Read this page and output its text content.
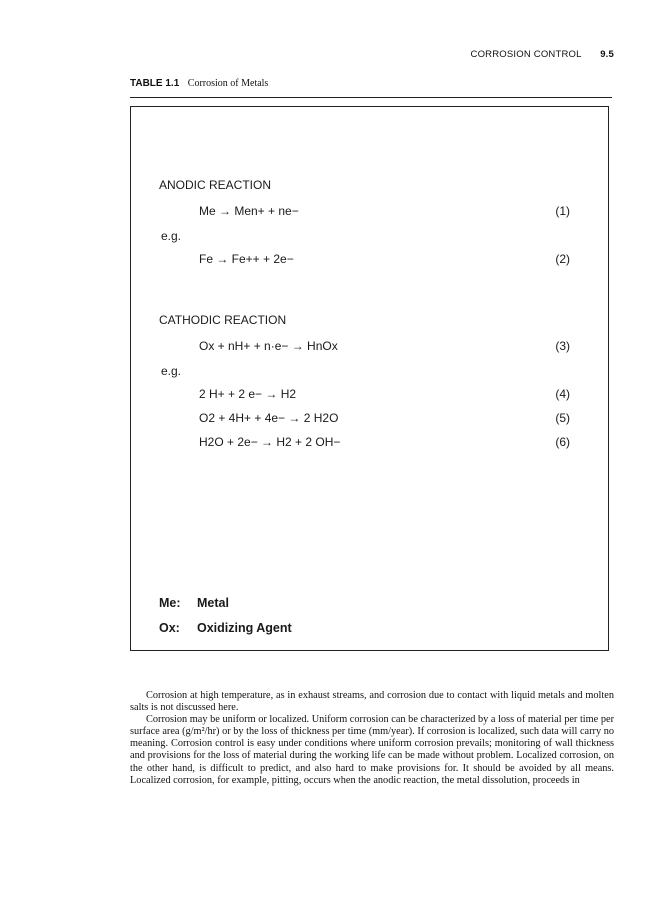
CORROSION CONTROL 9.5
TABLE 1.1 Corrosion of Metals
ANODIC REACTION
Me → Men+ + ne−	(1)
e.g.
Fe → Fe++ + 2e−	(2)
CATHODIC REACTION
Ox + nH+ + n·e− → HnOx	(3)
e.g.
2 H+ + 2 e− → H2	(4)
O2 + 4H+ + 4e− → 2 H2O	(5)
H2O + 2e− → H2 + 2 OH−	(6)
Me: Metal
Ox: Oxidizing Agent

Corrosion at high temperature, as in exhaust streams, and corrosion due to contact with liquid metals and molten salts is not discussed here.

Corrosion may be uniform or localized. Uniform corrosion can be characterized by a loss of material per time per surface area (g/m²/hr) or by the loss of thickness per time (mm/year). If corrosion is localized, such data will carry no meaning. Corrosion control is easy under conditions where uniform corrosion prevails; monitoring of wall thickness and provisions for the loss of material during the working life can be made without problem. Localized corrosion, on the other hand, is difficult to predict, and also hard to make provisions for. It should be avoided by all means. Localized corrosion, for example, pitting, occurs when the anodic reaction, the metal dissolution, proceeds in
